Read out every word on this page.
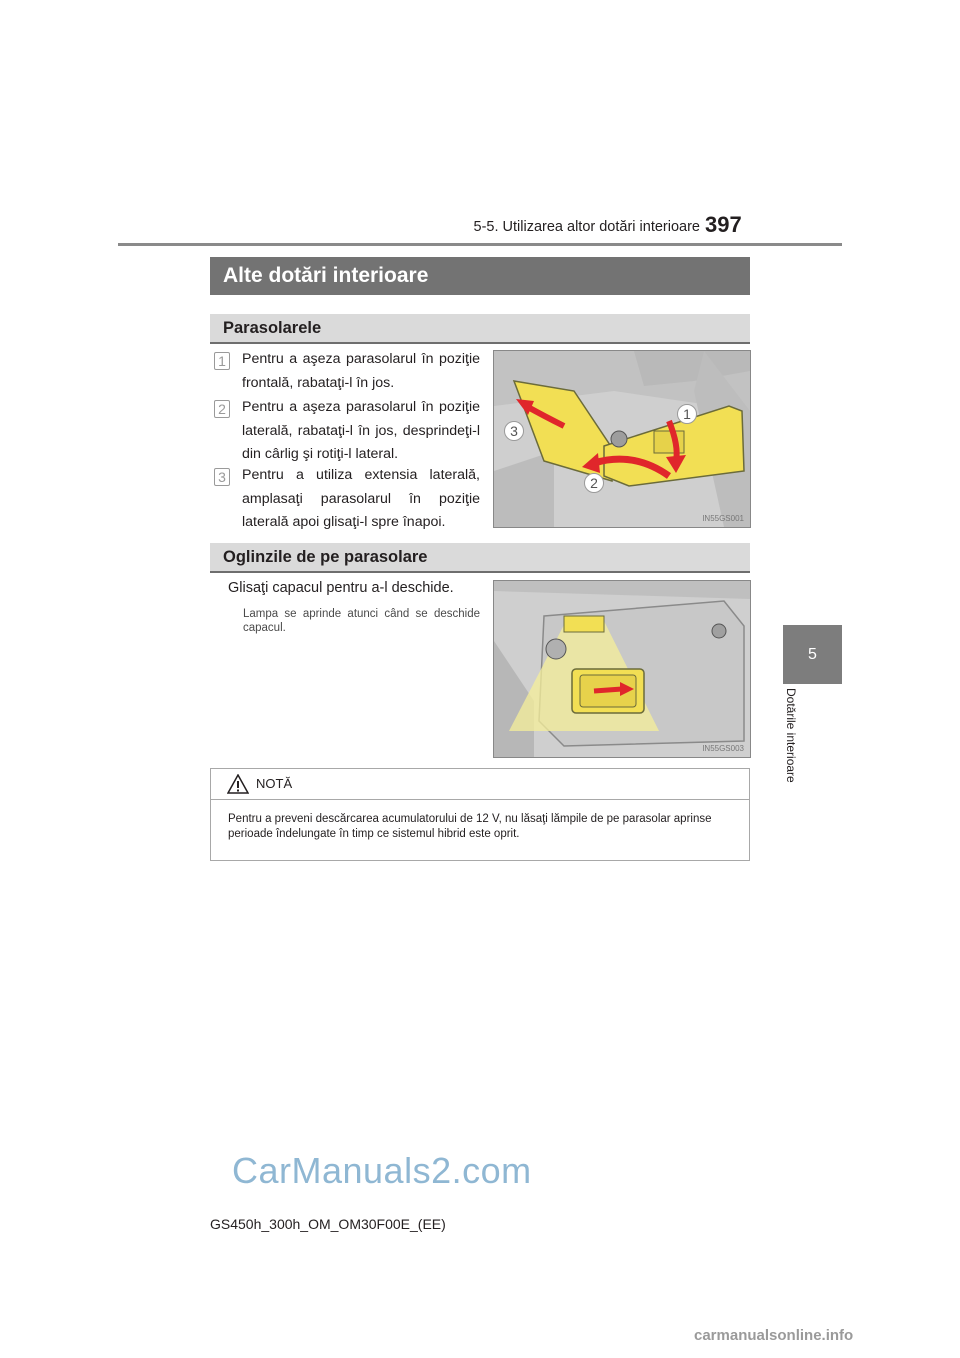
5-5. Utilizarea altor dotări interioare 397
5
Dotările interioare
Alte dotări interioare
Parasolarele
1 Pentru a aşeza parasolarul în poziţie frontală, rabataţi-l în jos.
2 Pentru a aşeza parasolarul în poziţie laterală, rabataţi-l în jos, desprindeţi-l din cârlig şi rotiţi-l lateral.
3 Pentru a utiliza extensia laterală, amplasaţi parasolarul în poziţie laterală apoi glisaţi-l spre înapoi.
1
2
3
IN55GS001
Oglinzile de pe parasolare
Glisaţi capacul pentru a-l deschide.
Lampa se aprinde atunci când se deschide capacul.
IN55GS003
NOTĂ
Pentru a preveni descărcarea acumulatorului de 12 V, nu lăsaţi lămpile de pe parasolar aprinse perioade îndelungate în timp ce sistemul hibrid este oprit.
CarManuals2.com
GS450h_300h_OM_OM30F00E_(EE)
carmanualsonline.info
